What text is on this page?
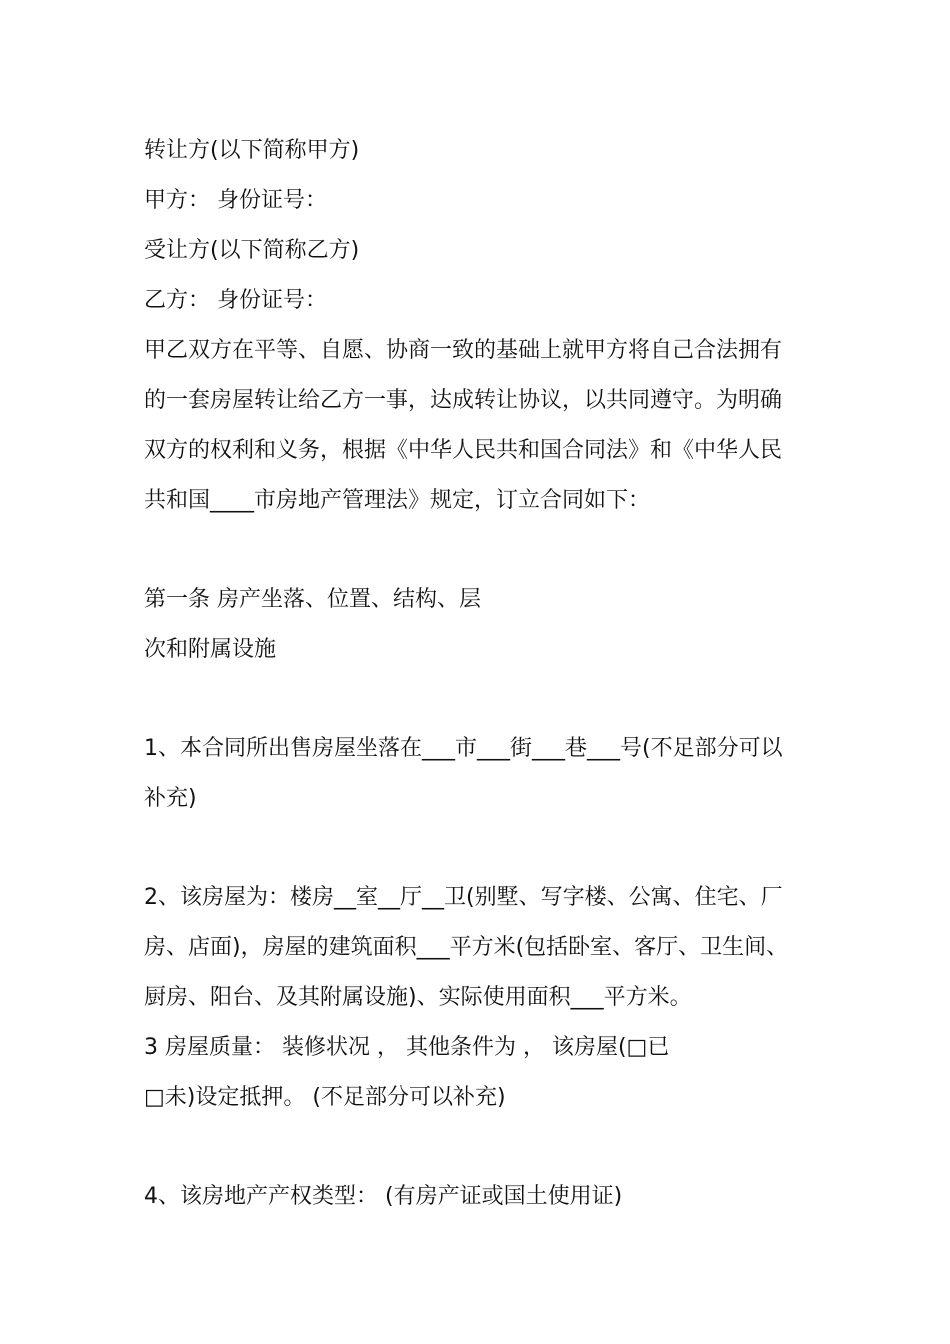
转让方(以下简称甲方)
甲方： 身份证号：
受让方(以下简称乙方)
乙方： 身份证号：
甲乙双方在平等、自愿、协商一致的基础上就甲方将自己合法拥有
的一套房屋转让给乙方一事，达成转让协议，以共同遵守。为明确
双方的权利和义务，根据《中华人民共和国合同法》和《中华人民
共和国____市房地产管理法》规定，订立合同如下：
第一条 房产坐落、位置、结构、层
次和附属设施
1、本合同所出售房屋坐落在___市___街___巷___号(不足部分可以
补充)
2、该房屋为：楼房__室__厅__卫(别墅、写字楼、公寓、住宅、厂
房、店面)，房屋的建筑面积___平方米(包括卧室、客厅、卫生间、
厨房、阳台、及其附属设施)、实际使用面积___平方米。
3 房屋质量： 装修状况 ， 其他条件为 ， 该房屋(□已
□未)设定抵押。 (不足部分可以补充)
4、该房地产产权类型： (有房产证或国土使用证)
